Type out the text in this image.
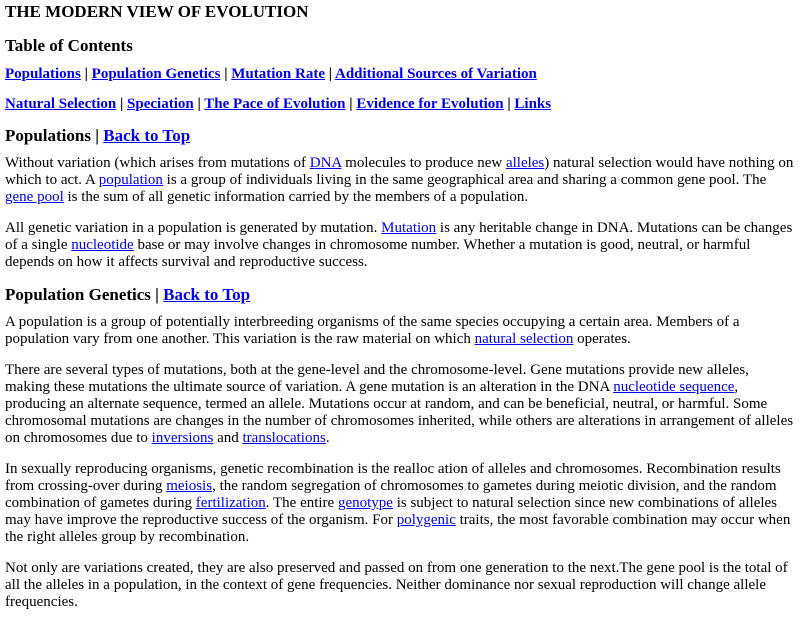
THE MODERN VIEW OF EVOLUTION
Table of Contents

Populations | Population Genetics | Mutation Rate | Additional Sources of Variation

Natural Selection | Speciation | The Pace of Evolution | Evidence for Evolution | Links

Populations | Back to Top

Without variation (which arises from mutations of DNA molecules to produce new alleles) natural selection would have nothing on which to act. A population is a group of individuals living in the same geographical area and sharing a common gene pool. The gene pool is the sum of all genetic information carried by the members of a population.

All genetic variation in a population is generated by mutation. Mutation is any heritable change in DNA. Mutations can be changes of a single nucleotide base or may involve changes in chromosome number. Whether a mutation is good, neutral, or harmful depends on how it affects survival and reproductive success.

Population Genetics | Back to Top

A population is a group of potentially interbreeding organisms of the same species occupying a certain area. Members of a population vary from one another. This variation is the raw material on which natural selection operates.

There are several types of mutations, both at the gene-level and the chromosome-level. Gene mutations provide new alleles, making these mutations the ultimate source of variation. A gene mutation is an alteration in the DNA nucleotide sequence, producing an alternate sequence, termed an allele. Mutations occur at random, and can be beneficial, neutral, or harmful. Some chromosomal mutations are changes in the number of chromosomes inherited, while others are alterations in arrangement of alleles on chromosomes due to inversions and translocations.

In sexually reproducing organisms, genetic recombination is the realloc ation of alleles and chromosomes. Recombination results from crossing-over during meiosis, the random segregation of chromosomes to gametes during meiotic division, and the random combination of gametes during fertilization. The entire genotype is subject to natural selection since new combinations of alleles may have improve the reproductive success of the organism. For polygenic traits, the most favorable combination may occur when the right alleles group by recombination.

Not only are variations created, they are also preserved and passed on from one generation to the next.The gene pool is the total of all the alleles in a population, in the context of gene frequencies. Neither dominance nor sexual reproduction will change allele frequencies.
